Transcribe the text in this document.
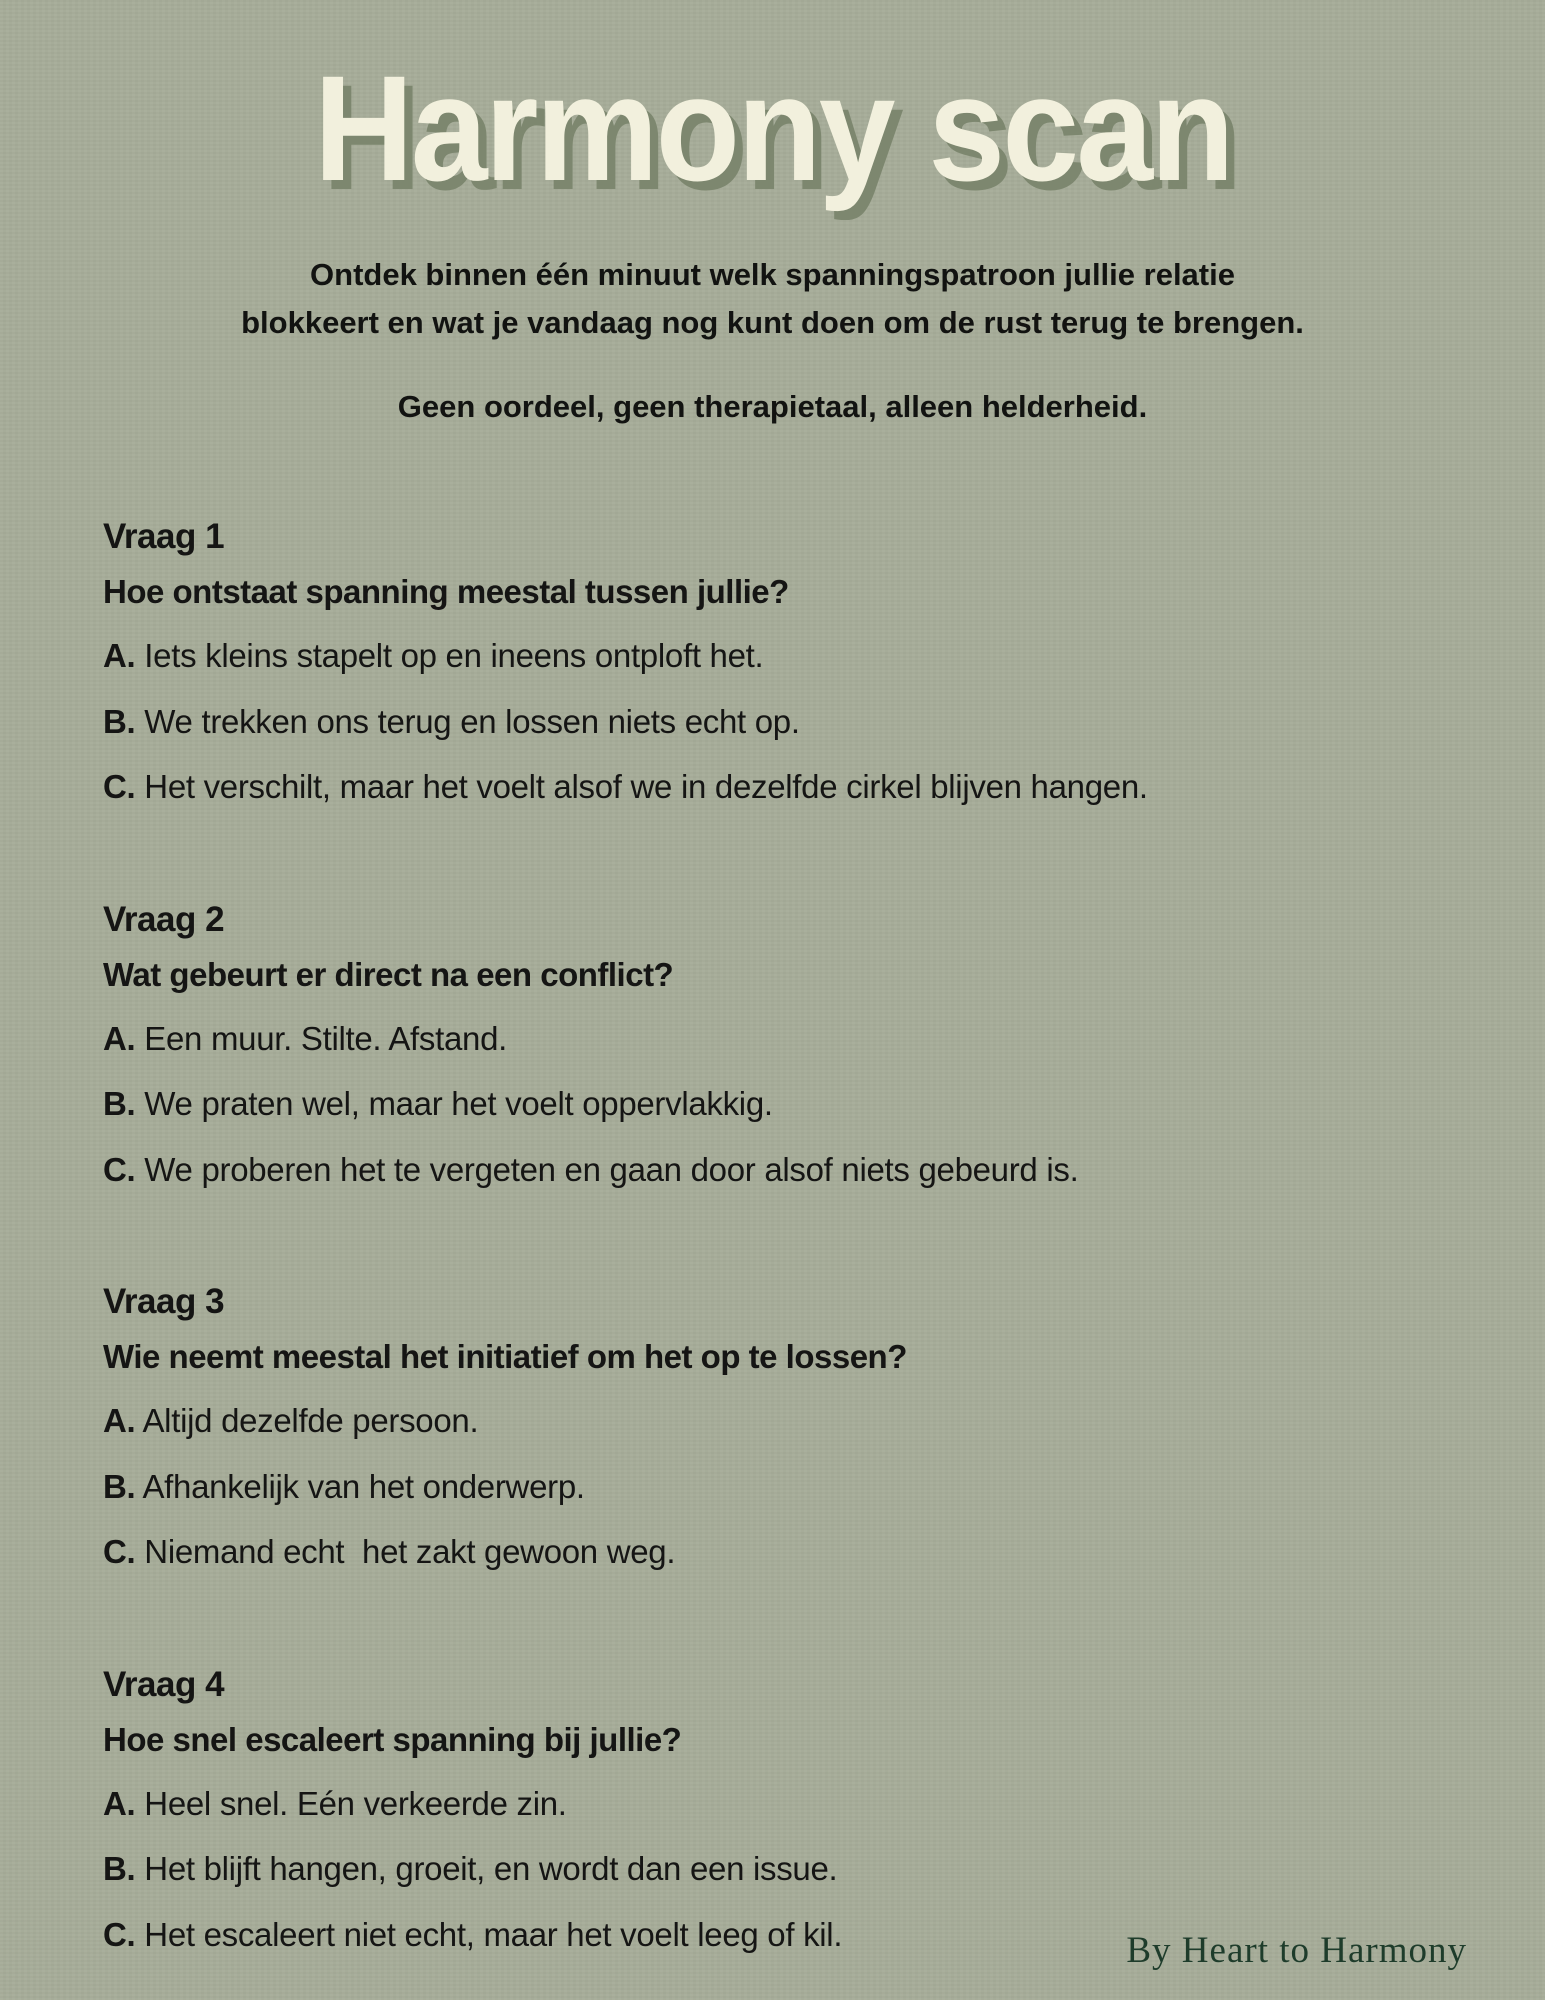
Harmony scan
Ontdek binnen één minuut welk spanningspatroon jullie relatie
blokkeert en wat je vandaag nog kunt doen om de rust terug te brengen.
Geen oordeel, geen therapietaal, alleen helderheid.
Vraag 1
Hoe ontstaat spanning meestal tussen jullie?
A. Iets kleins stapelt op en ineens ontploft het.
B. We trekken ons terug en lossen niets echt op.
C. Het verschilt, maar het voelt alsof we in dezelfde cirkel blijven hangen.
Vraag 2
Wat gebeurt er direct na een conflict?
A. Een muur. Stilte. Afstand.
B. We praten wel, maar het voelt oppervlakkig.
C. We proberen het te vergeten en gaan door alsof niets gebeurd is.
Vraag 3
Wie neemt meestal het initiatief om het op te lossen?
A. Altijd dezelfde persoon.
B. Afhankelijk van het onderwerp.
C. Niemand echt  het zakt gewoon weg.
Vraag 4
Hoe snel escaleert spanning bij jullie?
A. Heel snel. Eén verkeerde zin.
B. Het blijft hangen, groeit, en wordt dan een issue.
C. Het escaleert niet echt, maar het voelt leeg of kil.	By Heart to Harmony
